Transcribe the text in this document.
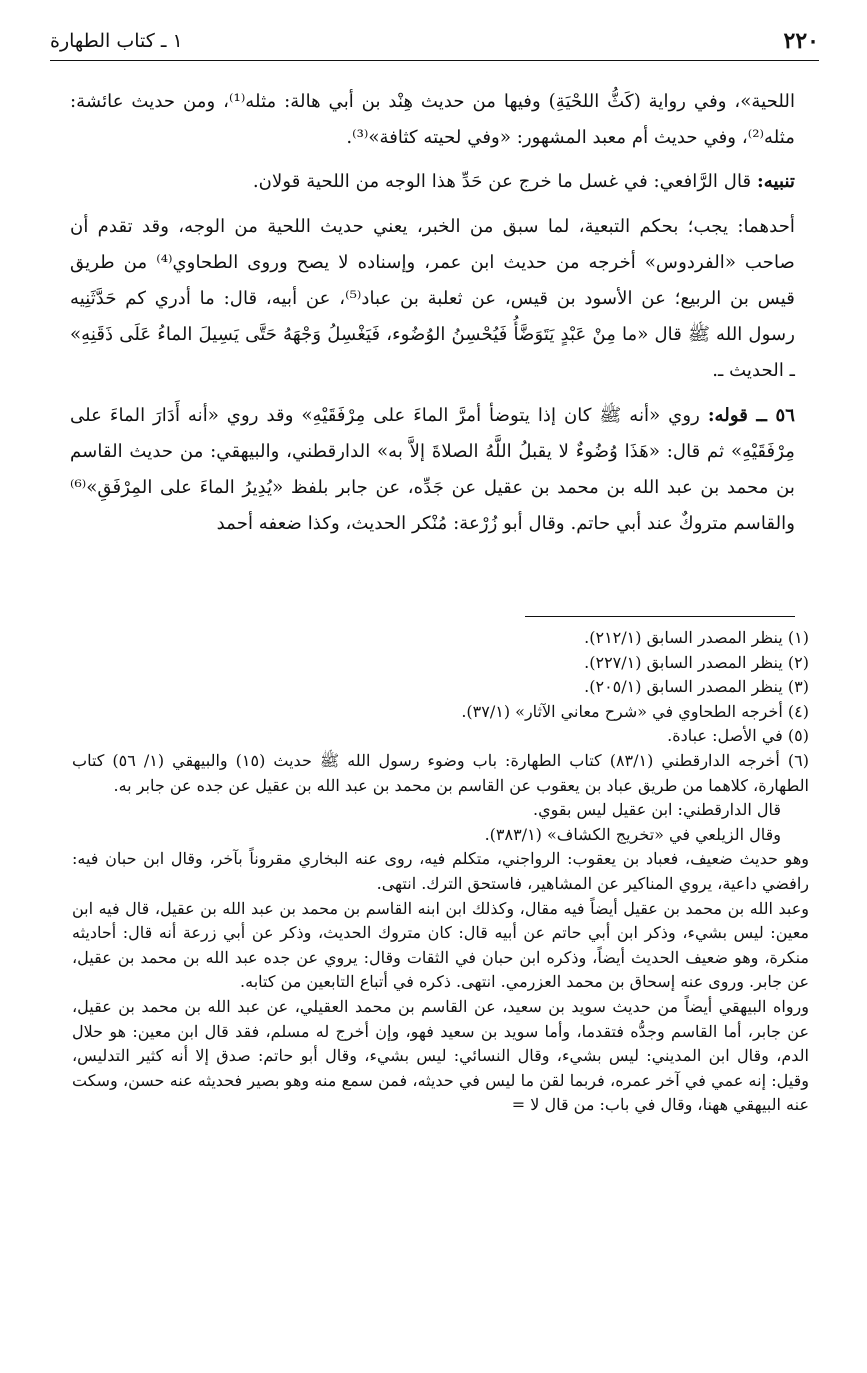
٢٢٠
١ ـ كتاب الطهارة

اللحية»، وفي رواية (كَثُّ اللحْيَةِ) وفيها من حديث هِنْد بن أبي هالة: مثله⁽¹⁾، ومن حديث عائشة: مثله⁽²⁾، وفي حديث أم معبد المشهور: «وفي لحيته كثافة»⁽³⁾.

تنبيه: قال الرَّافعي: في غسل ما خرج عن حَدِّ هذا الوجه من اللحية قولان.

أحدهما: يجب؛ بحكم التبعية، لما سبق من الخبر، يعني حديث اللحية من الوجه، وقد تقدم أن صاحب «الفردوس» أخرجه من حديث ابن عمر، وإسناده لا يصح وروى الطحاوي⁽⁴⁾ من طريق قيس بن الربيع؛ عن الأسود بن قيس، عن ثعلبة بن عباد⁽⁵⁾، عن أبيه، قال: ما أدري كم حَدَّثَنِيه رسول الله ﷺ قال «ما مِنْ عَبْدٍ يَتَوَضَّأُ فَيُحْسِنُ الوُضُوء، فَيَغْسِلُ وَجْهَهُ حَتَّى يَسِيلَ الماءُ عَلَى ذَقَنِهِ» ـ الحديث ـ.

٥٦ ــ قوله: روي «أنه ﷺ كان إذا يتوضأ أمرَّ الماءَ على مِرْفَقَيْهِ» وقد روي «أنه أَدَارَ الماءَ على مِرْفَقَيْهِ» ثم قال: «هَذَا وُضُوءٌ لا يقبلُ اللَّهُ الصلاةَ إلاَّ به» الدارقطني، والبيهقي: من حديث القاسم بن محمد بن عبد الله بن محمد بن عقيل عن جَدِّه، عن جابر بلفظ «يُدِيرُ الماءَ على المِرْفَقِ»⁽⁶⁾ والقاسم متروكٌ عند أبي حاتم. وقال أبو زُرْعة: مُنْكر الحديث، وكذا ضعفه أحمد

(١) ينظر المصدر السابق (٢١٢/١).

(٢) ينظر المصدر السابق (٢٢٧/١).

(٣) ينظر المصدر السابق (٢٠٥/١).

(٤) أخرجه الطحاوي في «شرح معاني الآثار» (٣٧/١).

(٥) في الأصل: عبادة.

(٦) أخرجه الدارقطني (٨٣/١) كتاب الطهارة: باب وضوء رسول الله ﷺ حديث (١٥) والبيهقي (١/ ٥٦) كتاب الطهارة، كلاهما من طريق عباد بن يعقوب عن القاسم بن محمد بن عبد الله بن عقيل عن جده عن جابر به.

قال الدارقطني: ابن عقيل ليس بقوي.

وقال الزيلعي في «تخريج الكشاف» (٣٨٣/١).

وهو حديث ضعيف، فعباد بن يعقوب: الرواجني، متكلم فيه، روى عنه البخاري مقروناً بآخر، وقال ابن حبان فيه: رافضي داعية، يروي المناكير عن المشاهير، فاستحق الترك. انتهى.

وعبد الله بن محمد بن عقيل أيضاً فيه مقال، وكذلك ابن ابنه القاسم بن محمد بن عبد الله بن عقيل، قال فيه ابن معين: ليس بشيء، وذكر ابن أبي حاتم عن أبيه قال: كان متروك الحديث، وذكر عن أبي زرعة أنه قال: أحاديثه منكرة، وهو ضعيف الحديث أيضاً، وذكره ابن حبان في الثقات وقال: يروي عن جده عبد الله بن محمد بن عقيل، عن جابر. وروى عنه إسحاق بن محمد العزرمي. انتهى. ذكره في أتباع التابعين من كتابه.

ورواه البيهقي أيضاً من حديث سويد بن سعيد، عن القاسم بن محمد العقيلي، عن عبد الله بن محمد بن عقيل، عن جابر، أما القاسم وجدُّه فتقدما، وأما سويد بن سعيد فهو، وإن أخرج له مسلم، فقد قال ابن معين: هو حلال الدم، وقال ابن المديني: ليس بشيء، وقال النسائي: ليس بشيء، وقال أبو حاتم: صدق إلا أنه كثير التدليس، وقيل: إنه عمي في آخر عمره، فربما لقن ما ليس في حديثه، فمن سمع منه وهو بصير فحديثه عنه حسن، وسكت عنه البيهقي ههنا، وقال في باب: من قال لا =
